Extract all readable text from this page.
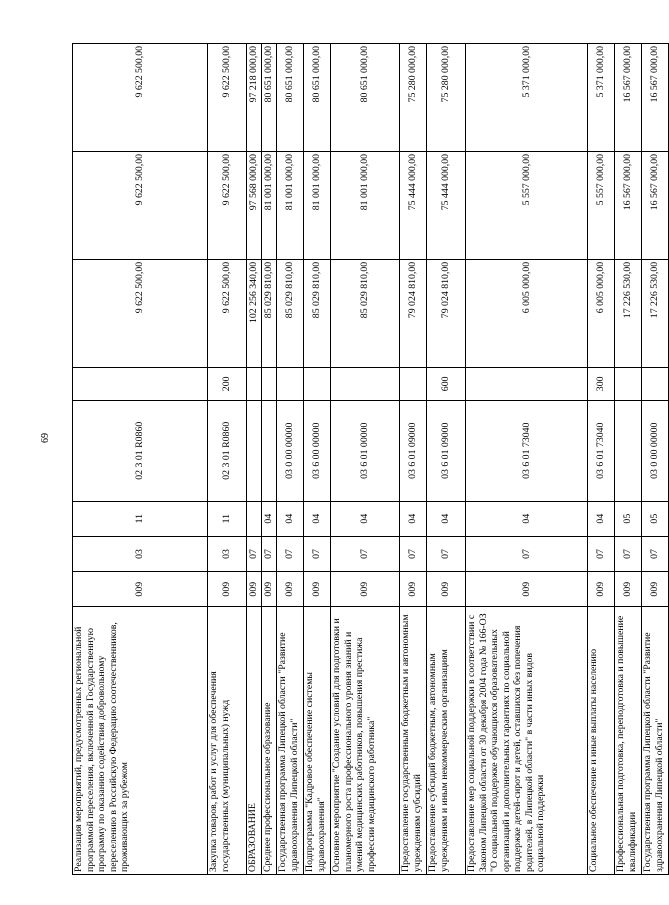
69
Реализация мероприятий, предусмотренных региональной программой переселения, включенной в Государственную программу по оказанию содействия добровольному переселению в Российскую Федерацию соотечественников, проживающих за рубежом	009	03	11	02 3 01 R0860		9 622 500,00	9 622 500,00	9 622 500,00
Закупка товаров, работ и услуг для обеспечения государственных (муниципальных) нужд	009	03	11	02 3 01 R0860	200	9 622 500,00	9 622 500,00	9 622 500,00
ОБРАЗОВАНИЕ	009	07				102 256 340,00	97 568 000,00	97 218 000,00
Среднее профессиональное образование	009	07	04			85 029 810,00	81 001 000,00	80 651 000,00
Государственная программа Липецкой области "Развитие здравоохранения Липецкой области"	009	07	04	03 0 00 00000		85 029 810,00	81 001 000,00	80 651 000,00
Подпрограмма "Кадровое обеспечение системы здравоохранения"	009	07	04	03 6 00 00000		85 029 810,00	81 001 000,00	80 651 000,00
Основное мероприятие "Создание условий для подготовки и планомерного роста профессионального уровня знаний и умений медицинских работников, повышения престижа профессии медицинского работника"	009	07	04	03 6 01 00000		85 029 810,00	81 001 000,00	80 651 000,00
Предоставление государственным бюджетным и автономным учреждениям субсидий	009	07	04	03 6 01 09000		79 024 810,00	75 444 000,00	75 280 000,00
Предоставление субсидий бюджетным, автономным учреждениям и иным некоммерческим организациям	009	07	04	03 6 01 09000	600	79 024 810,00	75 444 000,00	75 280 000,00
Предоставление мер социальной поддержки в соответствии с Законом Липецкой области от 30 декабря 2004 года № 166-ОЗ "О социальной поддержке обучающихся образовательных организаций и дополнительных гарантиях по социальной поддержке детей-сирот и детей, оставшихся без попечения родителей, в Липецкой области" в части иных видов социальной поддержки	009	07	04	03 6 01 73040		6 005 000,00	5 557 000,00	5 371 000,00
Социальное обеспечение и иные выплаты населению	009	07	04	03 6 01 73040	300	6 005 000,00	5 557 000,00	5 371 000,00
Профессиональная подготовка, переподготовка и повышение квалификации	009	07	05			17 226 530,00	16 567 000,00	16 567 000,00
Государственная программа Липецкой области "Развитие здравоохранения Липецкой области"	009	07	05	03 0 00 00000		17 226 530,00	16 567 000,00	16 567 000,00
